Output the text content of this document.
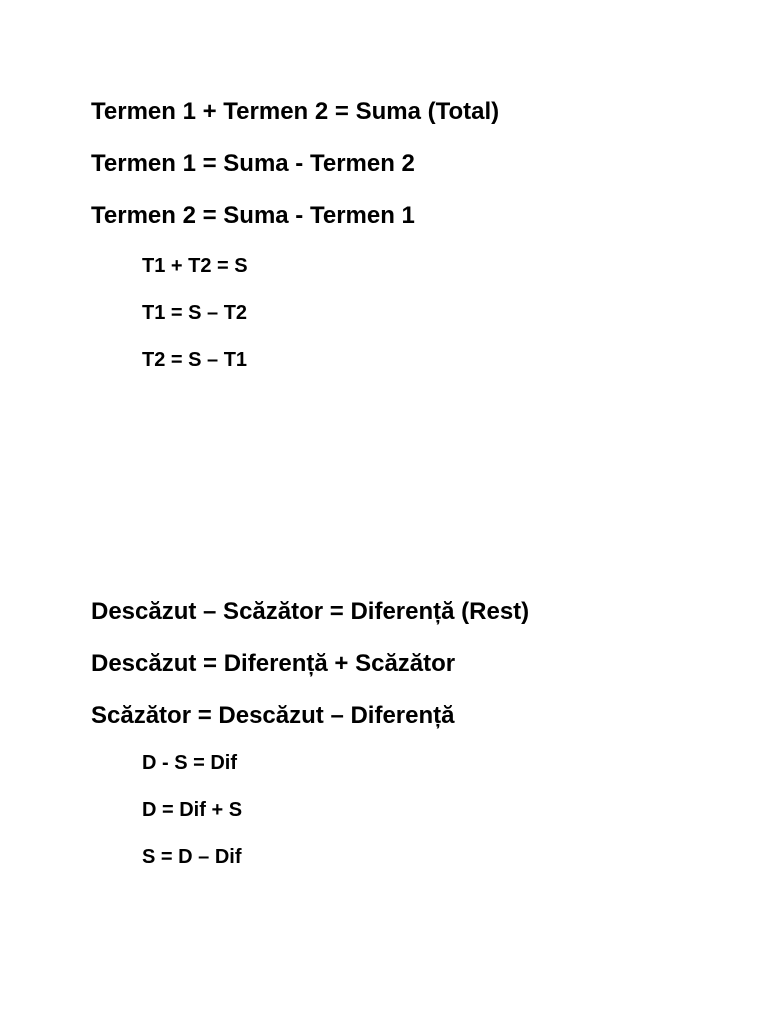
Termen 1 + Termen 2 = Suma (Total)
Termen 1 = Suma - Termen 2
Termen 2 = Suma - Termen 1
T1 + T2 = S
T1 = S – T2
T2 = S – T1
Descăzut – Scăzător = Diferență (Rest)
Descăzut = Diferență + Scăzător
Scăzător = Descăzut – Diferență
D - S = Dif
D = Dif + S
S = D – Dif
